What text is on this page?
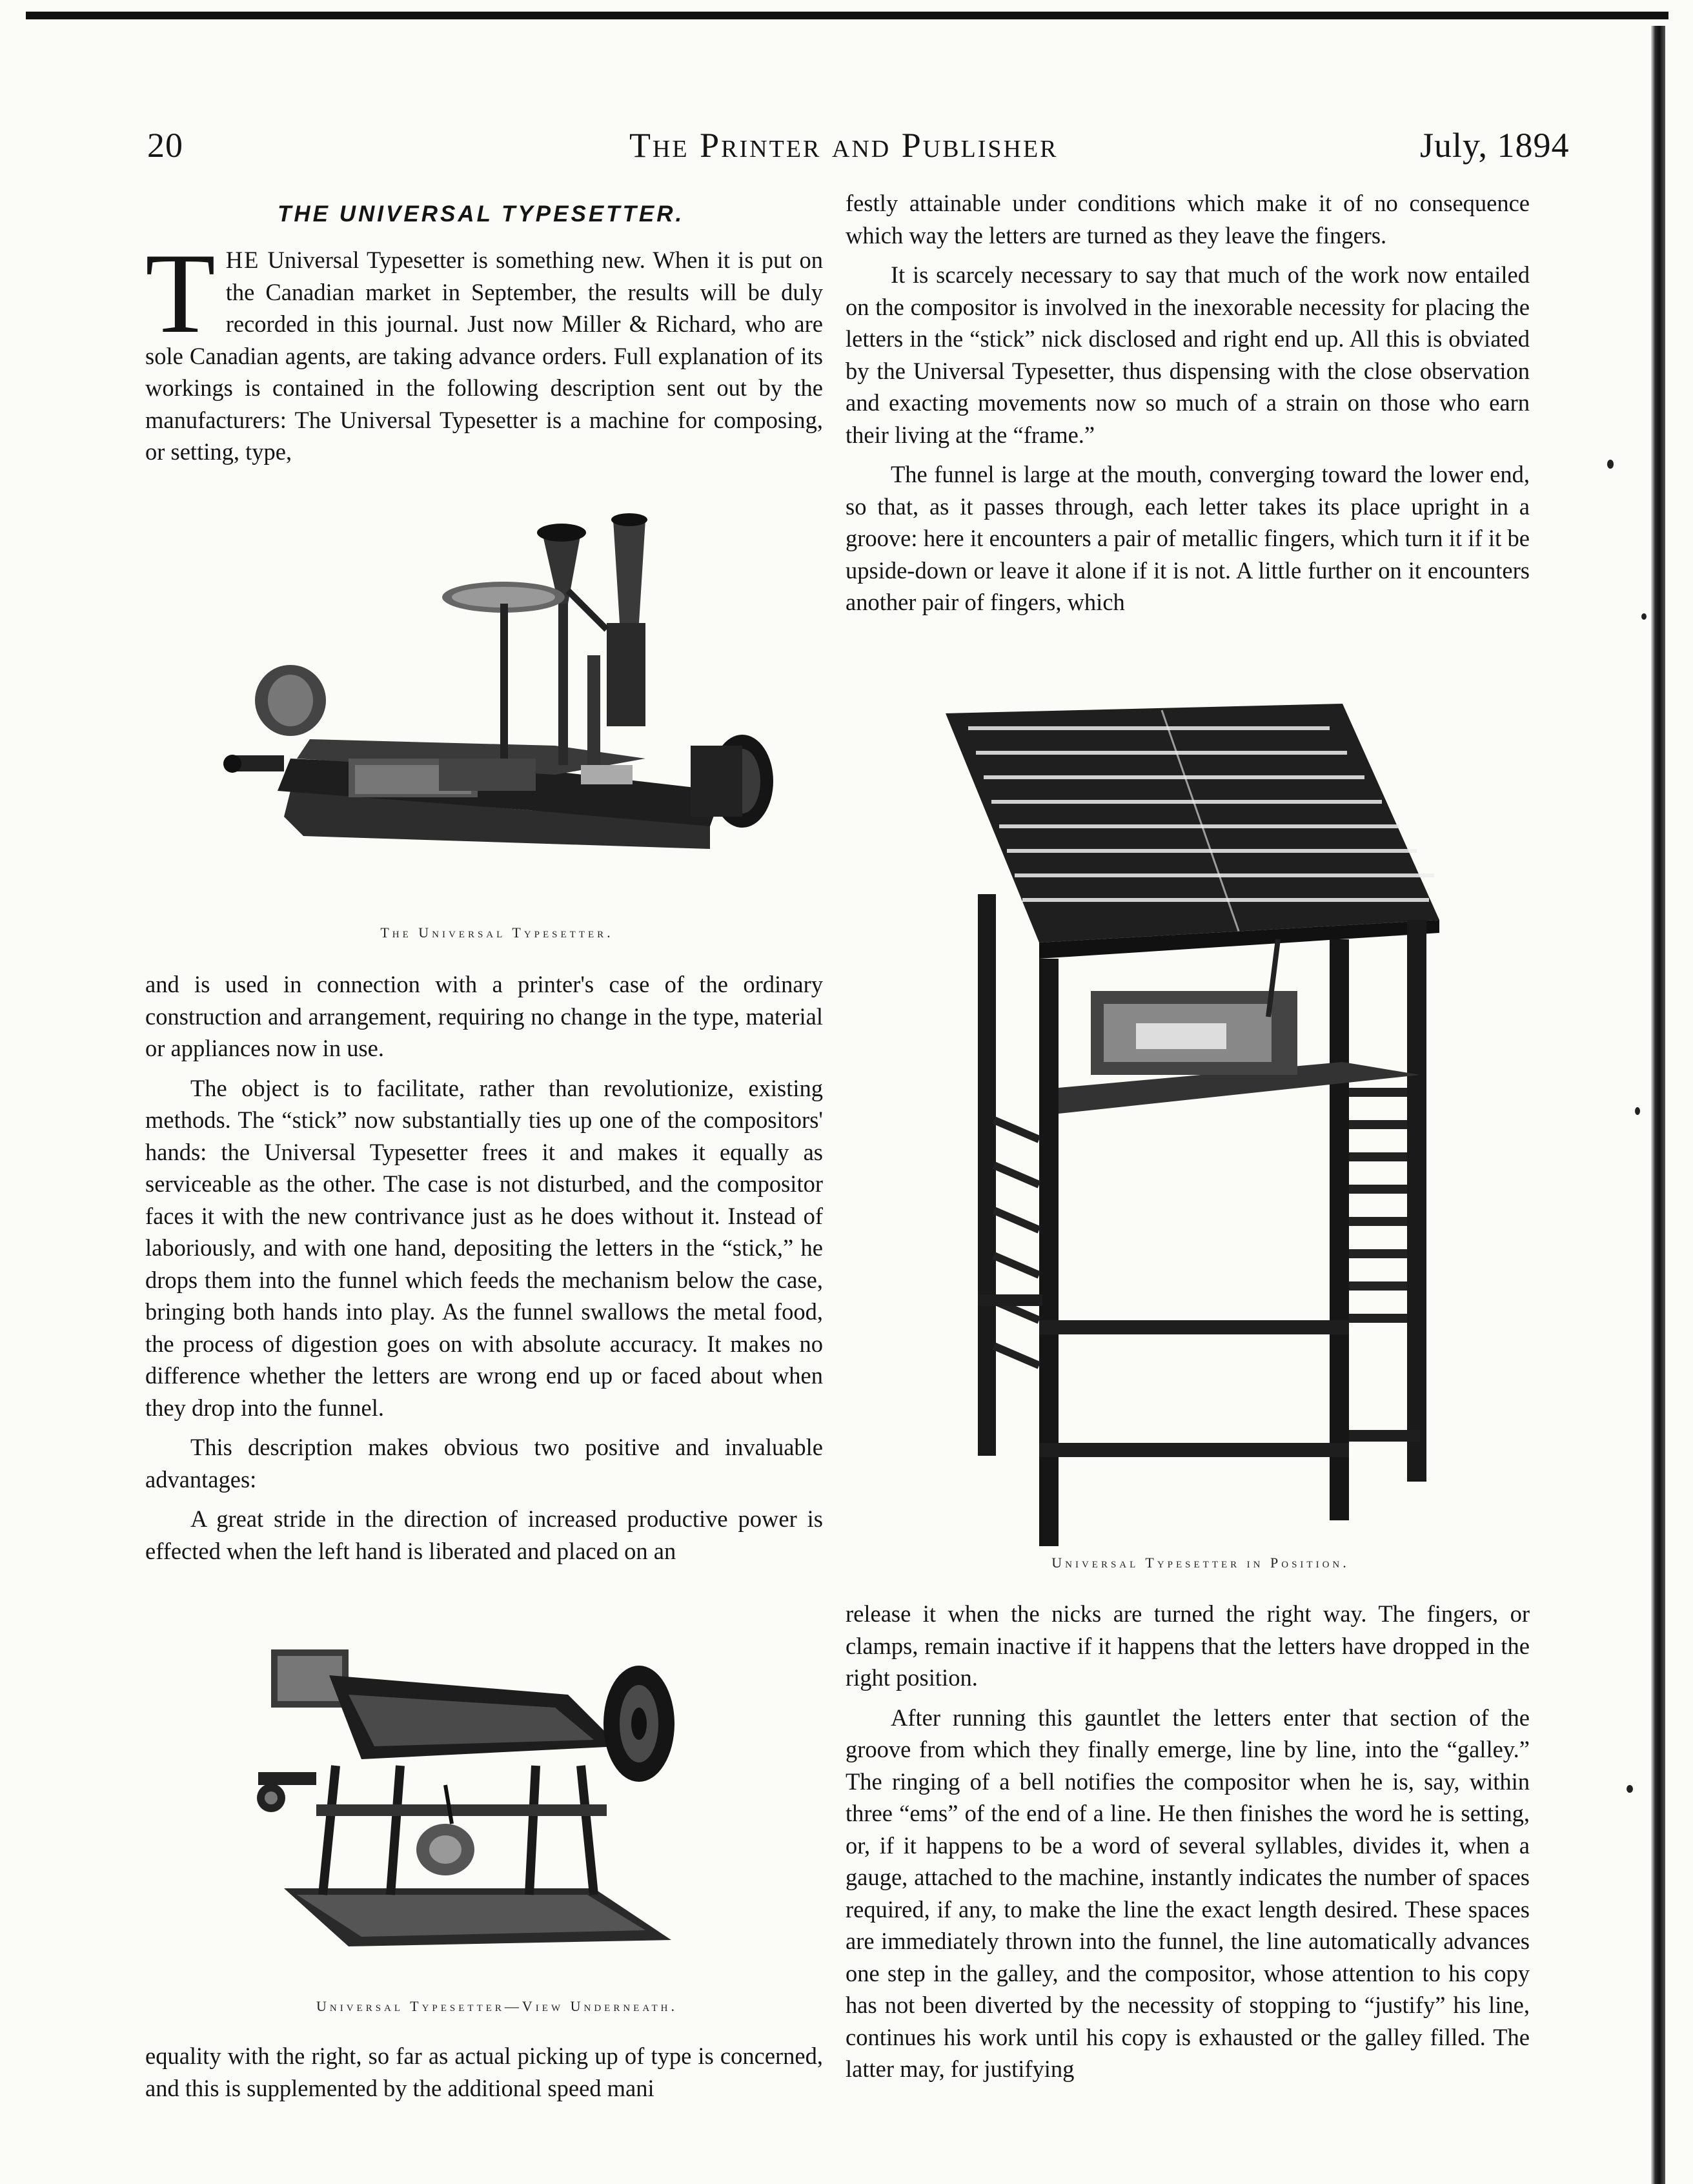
20	The Printer and Publisher	July, 1894
THE UNIVERSAL TYPESETTER.

THE Universal Typesetter is something new. When it is put on the Canadian market in September, the results will be duly recorded in this journal. Just now Miller & Richard, who are sole Canadian agents, are taking advance orders. Full explanation of its workings is contained in the following description sent out by the manufacturers: The Universal Typesetter is a machine for composing, or setting, type,

The Universal Typesetter.

and is used in connection with a printer's case of the ordinary construction and arrangement, requiring no change in the type, material or appliances now in use.

The object is to facilitate, rather than revolutionize, existing methods. The “stick” now substantially ties up one of the compositors' hands: the Universal Typesetter frees it and makes it equally as serviceable as the other. The case is not disturbed, and the compositor faces it with the new contrivance just as he does without it. Instead of laboriously, and with one hand, depositing the letters in the “stick,” he drops them into the funnel which feeds the mechanism below the case, bringing both hands into play. As the funnel swallows the metal food, the process of digestion goes on with absolute accuracy. It makes no difference whether the letters are wrong end up or faced about when they drop into the funnel.

This description makes obvious two positive and invaluable advantages:

A great stride in the direction of increased productive power is effected when the left hand is liberated and placed on an

Universal Typesetter—View Underneath.

equality with the right, so far as actual picking up of type is concerned, and this is supplemented by the additional speed mani

festly attainable under conditions which make it of no consequence which way the letters are turned as they leave the fingers.

It is scarcely necessary to say that much of the work now entailed on the compositor is involved in the inexorable necessity for placing the letters in the “stick” nick disclosed and right end up. All this is obviated by the Universal Typesetter, thus dispensing with the close observation and exacting movements now so much of a strain on those who earn their living at the “frame.”

The funnel is large at the mouth, converging toward the lower end, so that, as it passes through, each letter takes its place upright in a groove: here it encounters a pair of metallic fingers, which turn it if it be upside-down or leave it alone if it is not. A little further on it encounters another pair of fingers, which

Universal Typesetter in Position.

release it when the nicks are turned the right way. The fingers, or clamps, remain inactive if it happens that the letters have dropped in the right position.

After running this gauntlet the letters enter that section of the groove from which they finally emerge, line by line, into the “galley.” The ringing of a bell notifies the compositor when he is, say, within three “ems” of the end of a line. He then finishes the word he is setting, or, if it happens to be a word of several syllables, divides it, when a gauge, attached to the machine, instantly indicates the number of spaces required, if any, to make the line the exact length desired. These spaces are immediately thrown into the funnel, the line automatically advances one step in the galley, and the compositor, whose attention to his copy has not been diverted by the necessity of stopping to “justify” his line, continues his work until his copy is exhausted or the galley filled. The latter may, for justifying
